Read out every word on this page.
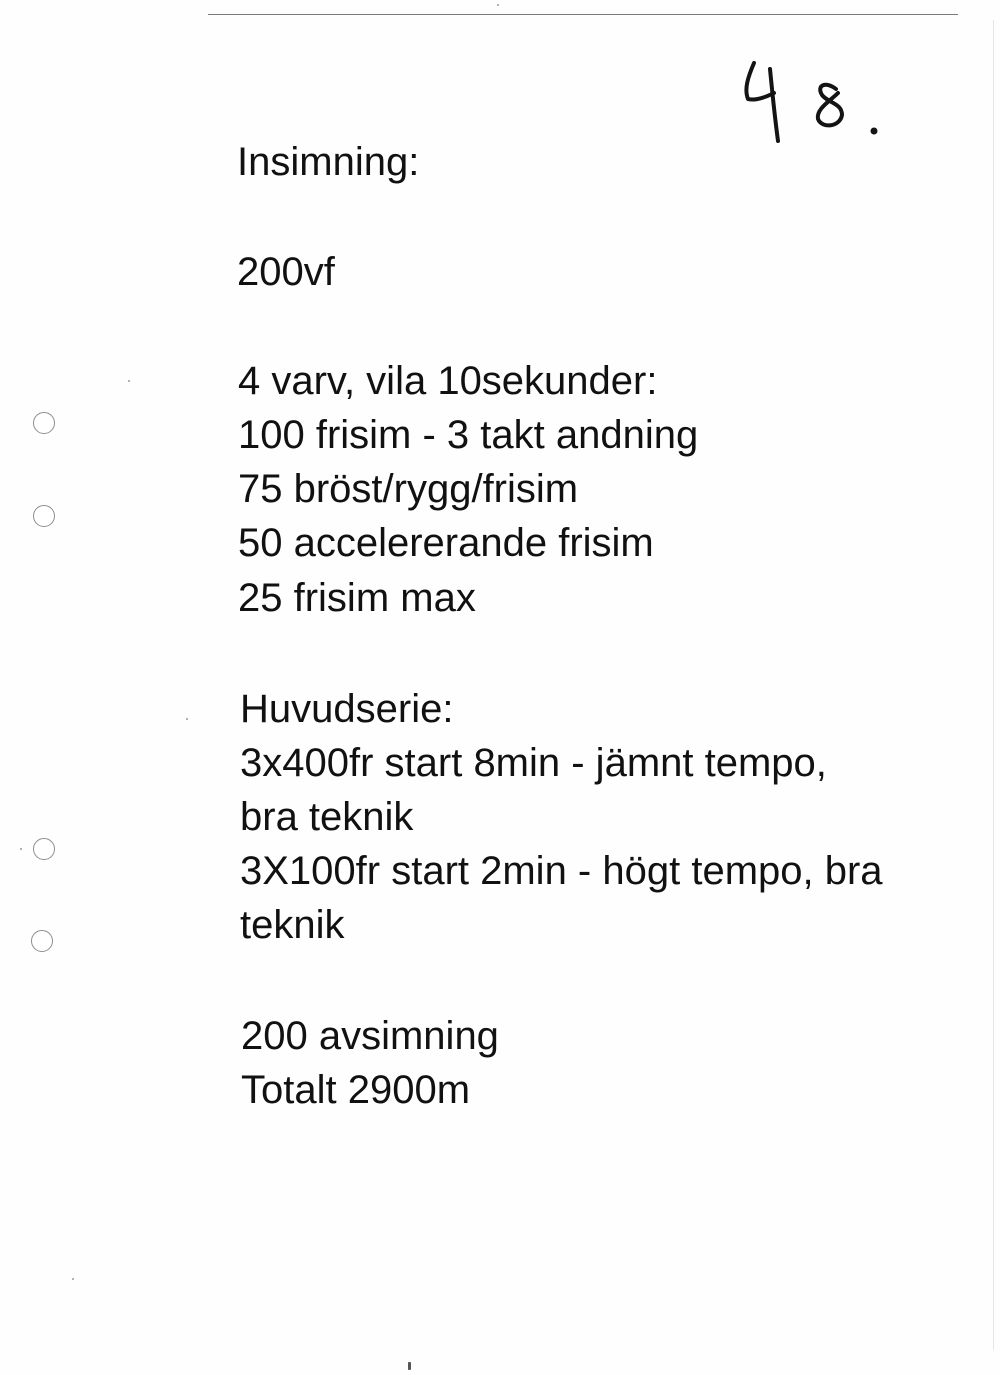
Insimning:

200vf

4 varv, vila 10sekunder:

100 frisim - 3 takt andning

75 bröst/rygg/frisim

50 accelererande frisim

25 frisim max

Huvudserie:

3x400fr start 8min - jämnt tempo,

bra teknik

3X100fr start 2min - högt tempo, bra

teknik

200 avsimning

Totalt 2900m
